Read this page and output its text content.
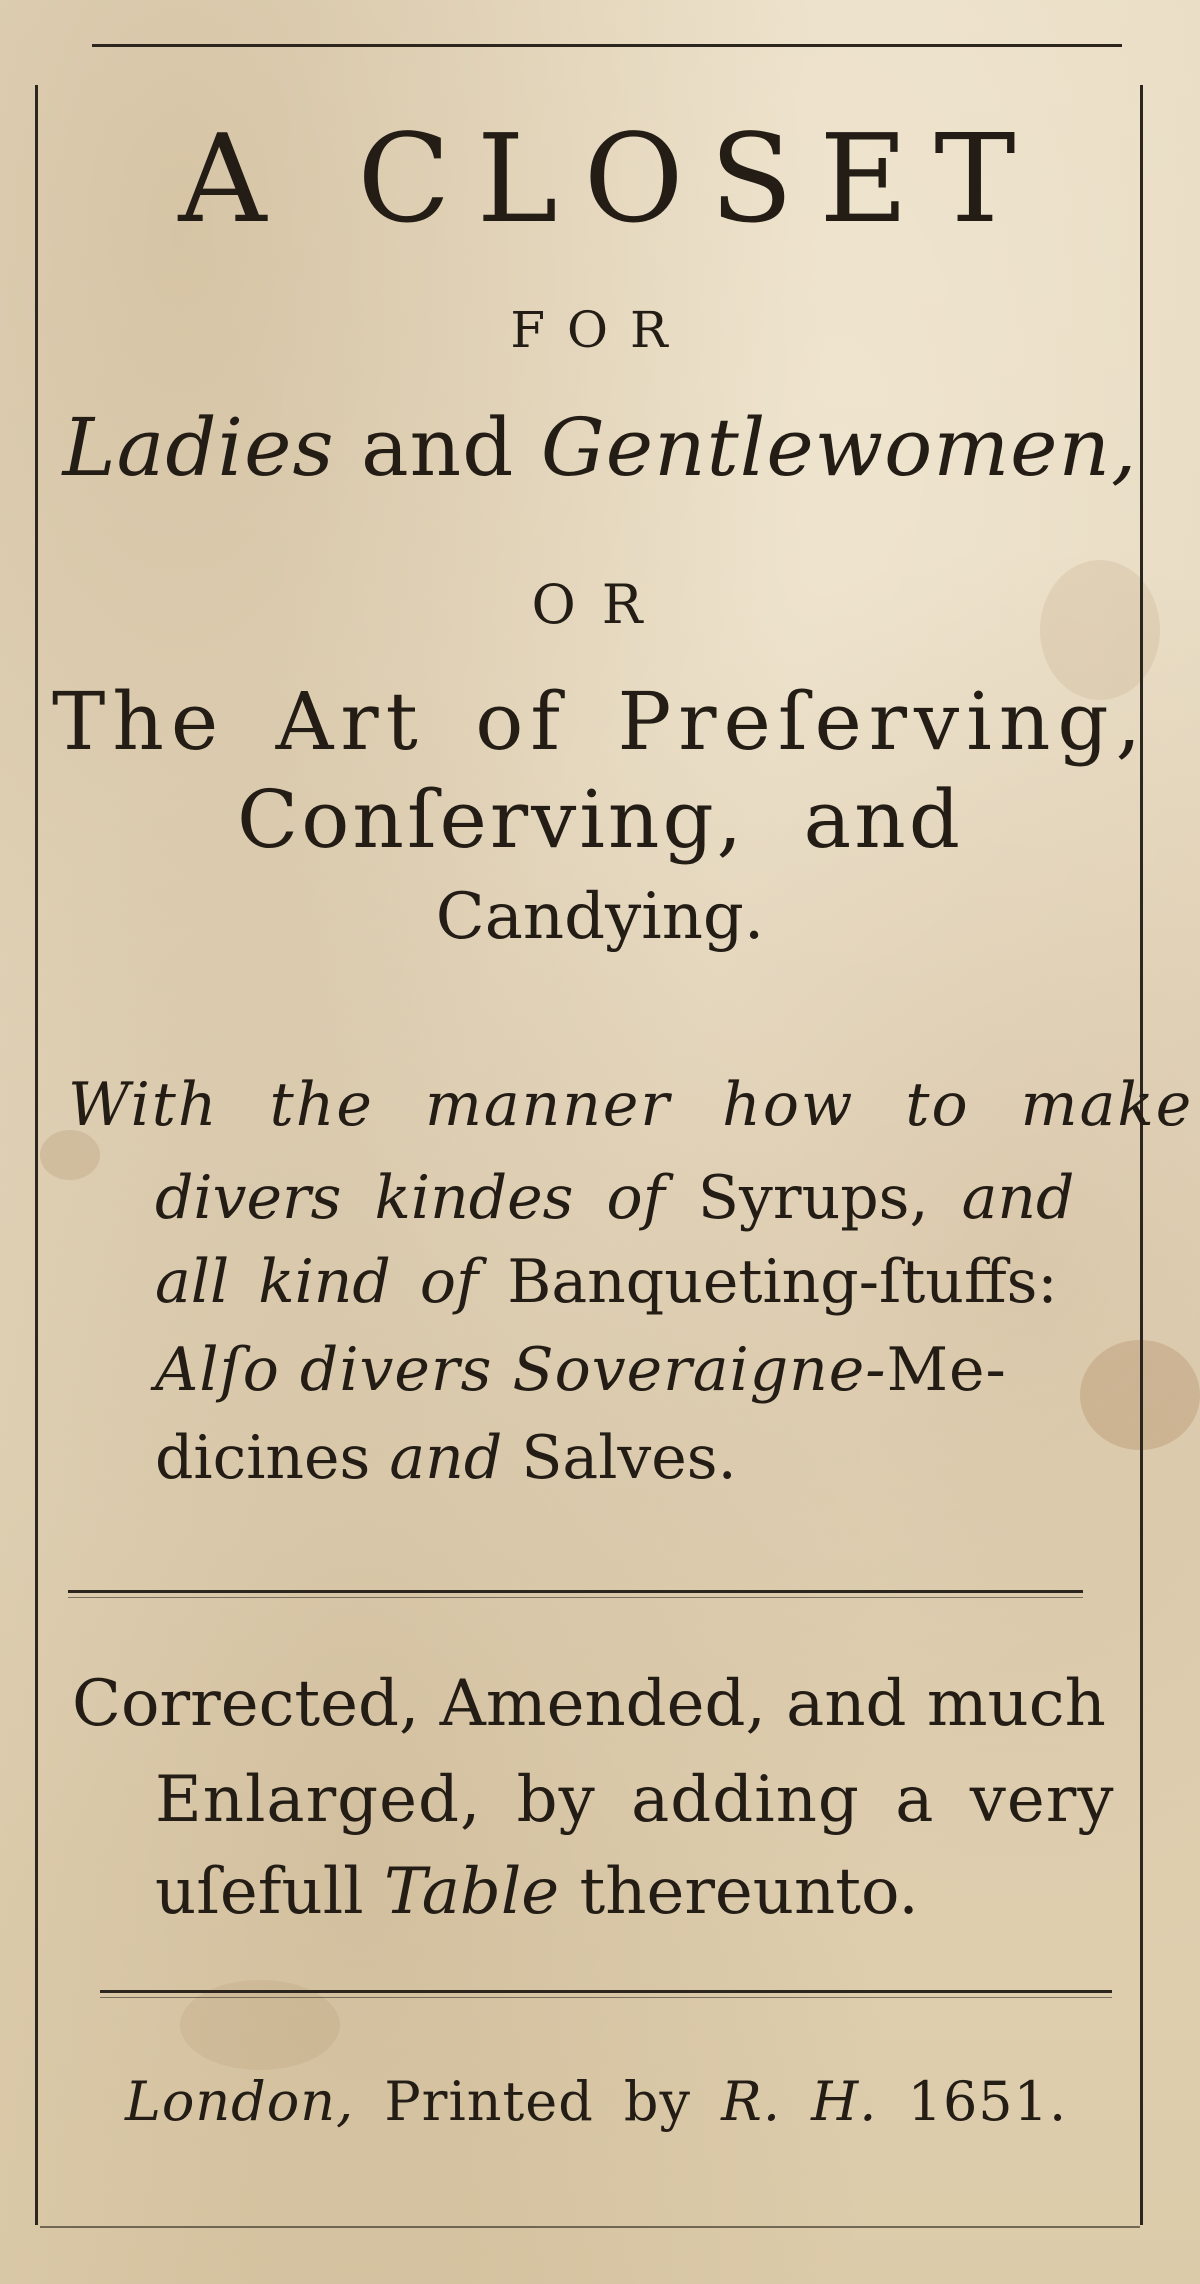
A CLOSET
FOR
Ladies and Gentlewomen,
OR
The Art of Preſerving,
Conſerving, and
Candying.
With the manner how to make
divers kindes of Syrups, and
all kind of Banqueting-ſtuffs:
Alſo divers Soveraigne-Me-
dicines and Salves.
Corrected, Amended, and much
Enlarged, by adding a very
uſefull Table thereunto.
London, Printed by R. H. 1651.
